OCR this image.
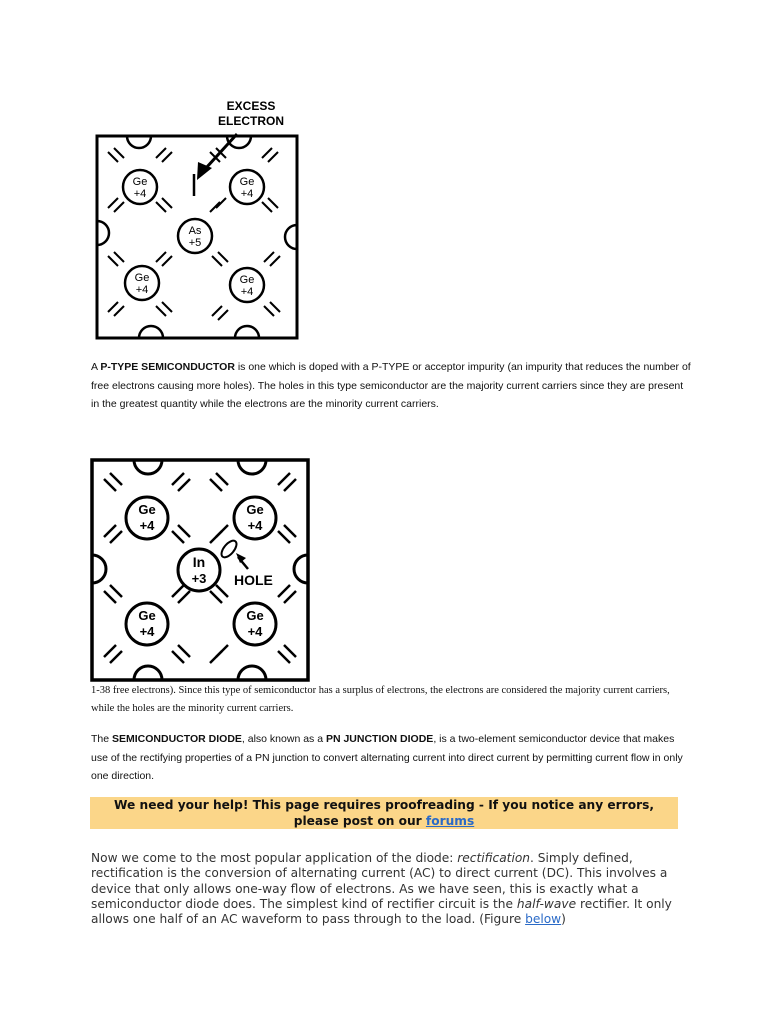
EXCESS
ELECTRON
Ge
+4
Ge
+4
As
+5
Ge
+4
Ge
+4

A P-TYPE SEMICONDUCTOR is one which is doped with a P-TYPE or acceptor impurity (an impurity that reduces the number of free electrons causing more holes). The holes in this type semiconductor are the majority current carriers since they are present in the greatest quantity while the electrons are the minority current carriers.

HOLE
Ge
+4
Ge
+4
In
+3
Ge
+4
Ge
+4

1-38 free electrons). Since this type of semiconductor has a surplus of electrons, the electrons are considered the majority current carriers, while the holes are the minority current carriers.

The SEMICONDUCTOR DIODE, also known as a PN JUNCTION DIODE, is a two-element semiconductor device that makes use of the rectifying properties of a PN junction to convert alternating current into direct current by permitting current flow in only one direction.

We need your help! This page requires proofreading - If you notice any errors, please post on our forums

Now we come to the most popular application of the diode: rectification. Simply defined, rectification is the conversion of alternating current (AC) to direct current (DC). This involves a device that only allows one-way flow of electrons. As we have seen, this is exactly what a semiconductor diode does. The simplest kind of rectifier circuit is the half-wave rectifier. It only allows one half of an AC waveform to pass through to the load. (Figure below)
